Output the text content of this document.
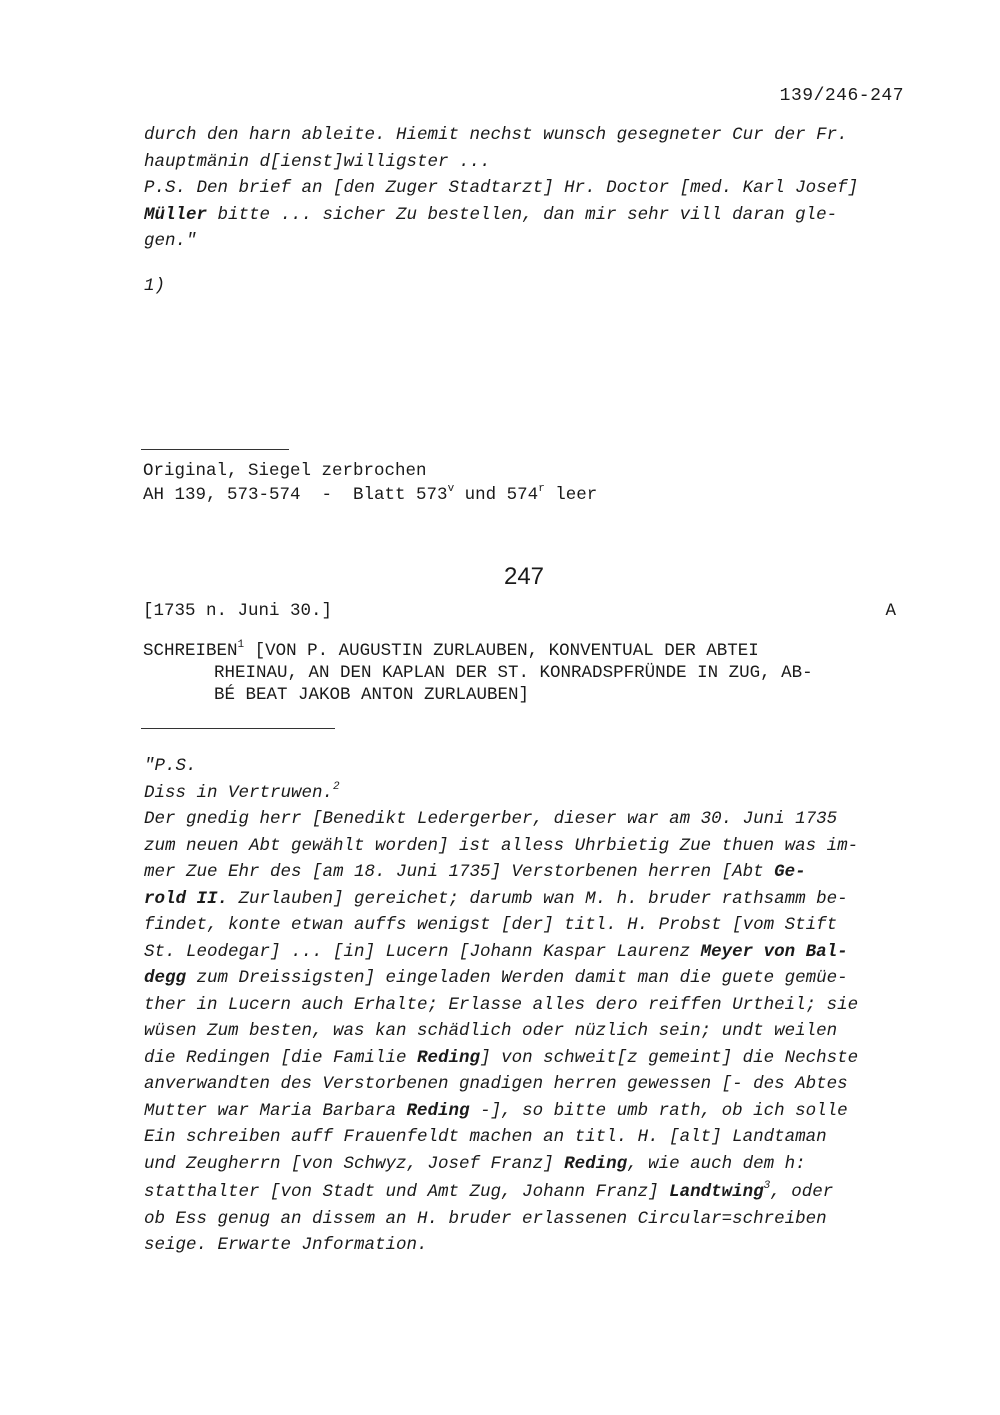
139/246-247
durch den harn ableite. Hiemit nechst wunsch gesegneter Cur der Fr.
hauptmänin d[ienst]willigster ...
P.S. Den brief an [den Zuger Stadtarzt] Hr. Doctor [med. Karl Josef]
Müller bitte ... sicher Zu bestellen, dan mir sehr vill daran gle-
gen."
1)
Original, Siegel zerbrochen
AH 139, 573-574  -  Blatt 573$^v$ und 574$^r$ leer
247
[1735 n. Juni 30.]	A
SCHREIBEN$^1$ [VON P. AUGUSTIN ZURLAUBEN, KONVENTUAL DER ABTEI
RHEINAU, AN DEN KAPLAN DER ST. KONRADSPFRÜNDE IN ZUG, AB-
BÉ BEAT JAKOB ANTON ZURLAUBEN]
"P.S.
Diss in Vertruwen.$^2$
Der gnedig herr [Benedikt Ledergerber, dieser war am 30. Juni 1735
zum neuen Abt gewählt worden] ist alless Uhrbietig Zue thuen was im-
mer Zue Ehr des [am 18. Juni 1735] Verstorbenen herren [Abt Ge-
rold II. Zurlauben] gereichet; darumb wan M. h. bruder rathsamm be-
findet, konte etwan auffs wenigst [der] titl. H. Probst [vom Stift
St. Leodegar] ... [in] Lucern [Johann Kaspar Laurenz Meyer von Bal-
degg zum Dreissigsten] eingeladen Werden damit man die guete gemüe-
ther in Lucern auch Erhalte; Erlasse alles dero reiffen Urtheil; sie
wüsen Zum besten, was kan schädlich oder nüzlich sein; undt weilen
die Redingen [die Familie Reding] von schweit[z gemeint] die Nechste
anverwandten des Verstorbenen gnadigen herren gewessen [- des Abtes
Mutter war Maria Barbara Reding -], so bitte umb rath, ob ich solle
Ein schreiben auff Frauenfeldt machen an titl. H. [alt] Landtaman
und Zeugherrn [von Schwyz, Josef Franz] Reding, wie auch dem h:
statthalter [von Stadt und Amt Zug, Johann Franz] Landtwing$^3$, oder
ob Ess genug an dissem an H. bruder erlassenen Circular=schreiben
seige. Erwarte Jnformation.
